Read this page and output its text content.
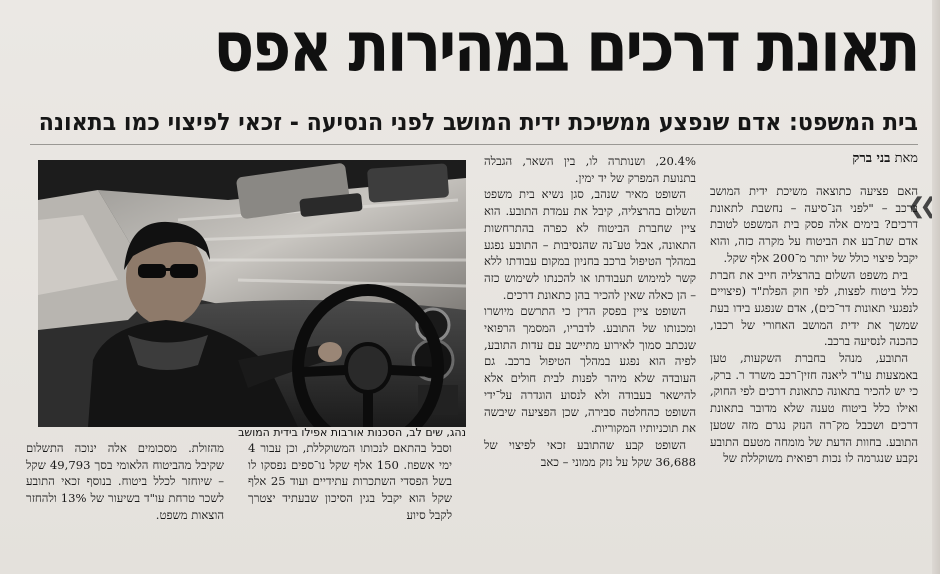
תאונת דרכים במהירות אפס
בית המשפט: אדם שנפצע ממשיכת ידית המושב לפני הנסיעה - זכאי לפיצוי כמו בתאונה
מאת בני ברק
❮❮

האם פציעה כתוצאה משיכת ידית המושב ברכב – "לפני הנ־סיעה – נחשבת לתאונת דרכים? בימים אלה פסק בית המשפט לטובת אדם שת־בע את הביטוח על מקרה כזה, והוא יקבל פיצוי כולל של יותר מ־200 אלף שקל.

בית משפט השלום בהרצליה חייב את חברת כלל ביטוח לפצות, לפי חוק הפלת"ד (פיצויים לנפגעי תאונות דר־כים), אדם שנפגע בידו בעת שמשך את ידית המושב האחורי של רכבו, כהכנה לנסיעה ברכב.

התובע, מנהל בחברת השקעות, טען באמצעות עו"ד ליאנה חזין־רכב משרד ר. ברק, כי יש להכיר בתאונה כתאונת דרכים לפי החוק, ואילו כלל ביטוח טענה שלא מדובר בתאונת דרכים ושכבל מק־רה הנזק נגרם מזה שטען התובע. בחוות הדעת של מומחה מטעם התובע נקבע שנגרמה לו נכות רפואית משוקללת של

20.4%, ושנותרה לו, בין השאר, הגבלה בתנועת המפרק של יד ימין.

השופט מאיר שנהב, סגן נשיא בית משפט השלום בהרצליה, קיבל את עמדת התובע. הוא ציין שחברת הביטוח לא כפרה בהתרחשות התאונה, אבל טע־נה שהנסיבות – התובע נפגע במהלך הטיפול ברכב בחניון במקום עבודתו ללא קשר למימוש תעבודתו או להכנתו לשימוש כזה – הן כאלה שאין להכיר בהן כתאונת דרכים.

השופט ציין בפסק הדין כי התרשם מיושרו ומכנותו של התובע. לדבריו, המסמך הרפואי שנכתב סמוך לאירוע מתיישב עם עדות התובע, לפיה הוא נפגע במהלך הטיפול ברכב. גם העובדה שלא מיהר לפנות לבית חולים אלא להישאר בעבודה ולא לנסוע הוגדרה על־ידי השופט כהחלטה סבירה, שכן הפציעה שיבשה את תוכניותיו המקוריות.

השופט קבע שהתובע זכאי לפיצוי של 36,688 שקל על נזק ממוני – כאב

נהג, שים לב, הסכנות אורבות אפילו בידית המושב

וסבל בהתאם לנכותו המשוקללת, וכן עבור 4 ימי אשפוז. 150 אלף שקל נו־ספים נפסקו לו בשל הפסדי השתכרות עתידיים ועוד 25 אלף שקל הוא יקבל בגין הסיכון שבעתיד יצטרך לקבל סיוע

מהזולת. מסכומים אלה ינוכה התשלום שקיבל מהביטוח הלאומי בסך 49,793 שקל – שיוחזר לכלל ביטוח. בנוסף זכאי התובע לשכר טרחת עו"ד בשיעור של 13% ולהחזר הוצאות משפט.
